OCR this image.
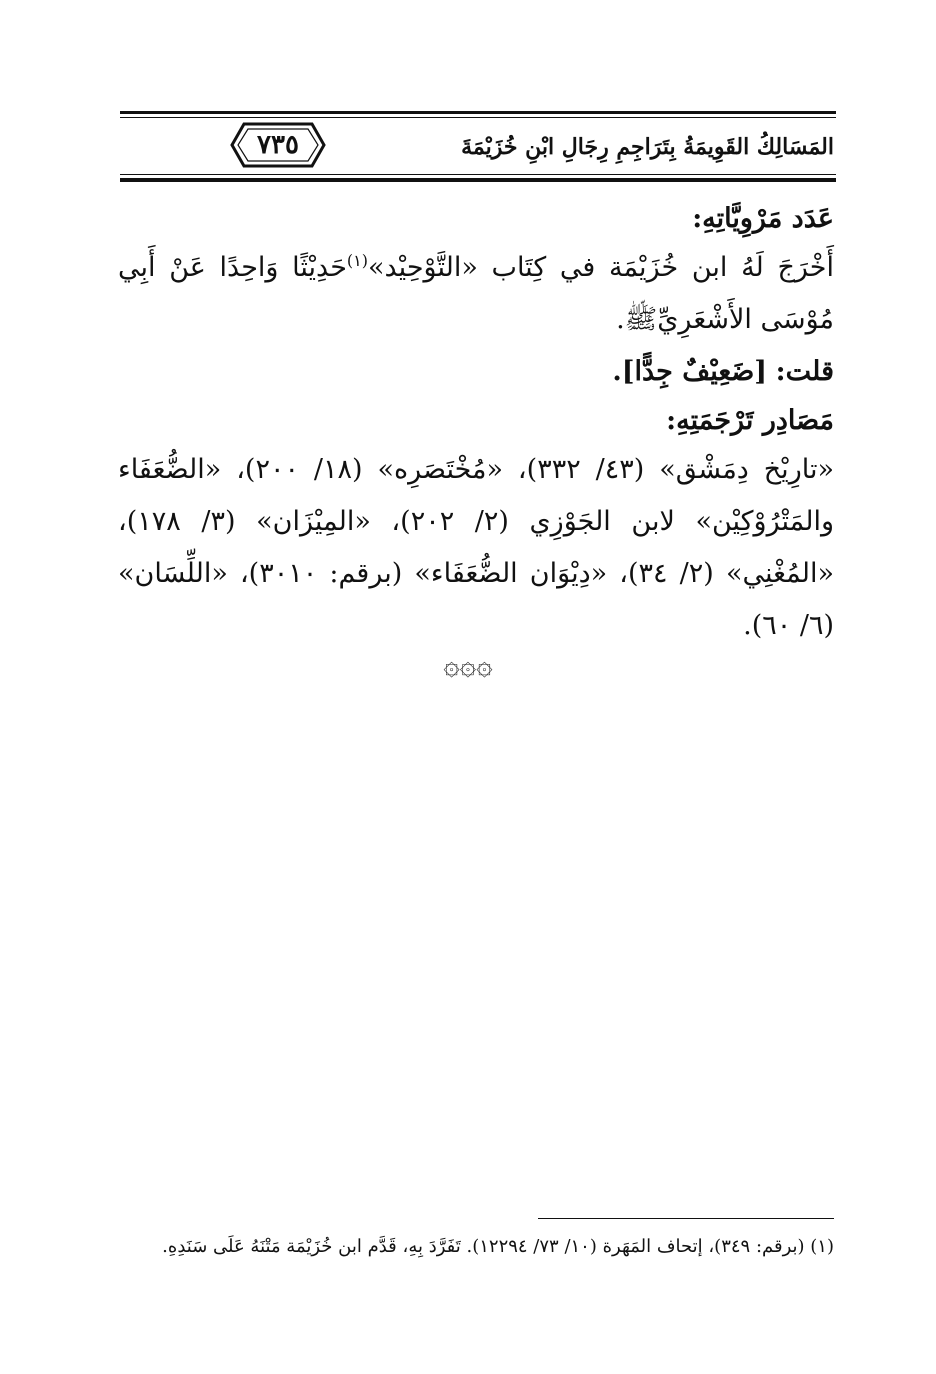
٧٣٥	المَسَالِكُ القَوِيمَةُ بِتَرَاجِمِ رِجَالِ ابْنِ خُزَيْمَةَ

عَدَد مَرْوِيَّاتِهِ:

أَخْرَجَ لَهُ ابن خُزَيْمَة في كِتَاب «التَّوْحِيْد»$^{(١)}$حَدِيْثًا وَاحِدًا عَنْ أَبِي مُوْسَى الأَشْعَرِيِّﷺ.

قلت: [ضَعِيْفٌ جِدًّا].

مَصَادِر تَرْجَمَتِهِ:

«تارِيْخ دِمَشْق» (٤٣/ ٣٣٢)، «مُخْتَصَرِه» (١٨/ ٢٠٠)، «الضُّعَفَاء والمَتْرُوْكِيْن» لابن الجَوْزِي (٢/ ٢٠٢)، «المِيْزَان» (٣/ ١٧٨)، «المُغْنِي» (٢/ ٣٤)، «دِيْوَان الضُّعَفَاء» (برقم: ٣٠١٠)، «اللِّسَان» (٦/ ٦٠).

۞۞۞
(١) (برقم: ٣٤٩)، إتحاف المَهَرة (١٠/ ٧٣/ ١٢٢٩٤). تَفَرَّدَ بِهِ، قَدَّم ابن خُزَيْمَة مَتْنَهُ عَلَى سَنَدِهِ.
